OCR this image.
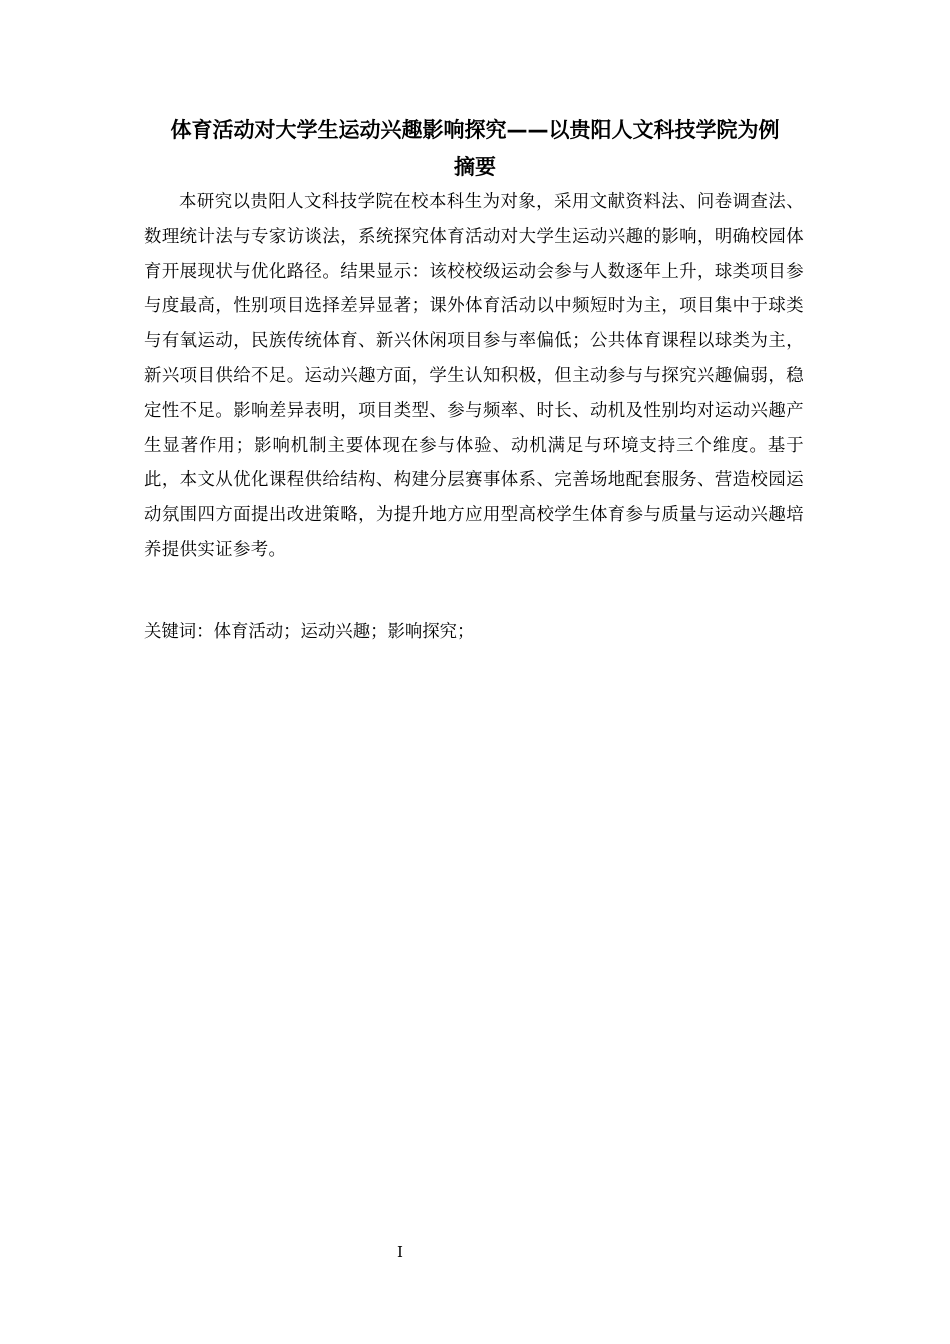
体育活动对大学生运动兴趣影响探究——以贵阳人文科技学院为例
摘要

本研究以贵阳人文科技学院在校本科生为对象，采用文献资料法、问卷调查法、数理统计法与专家访谈法，系统探究体育活动对大学生运动兴趣的影响，明确校园体育开展现状与优化路径。结果显示：该校校级运动会参与人数逐年上升，球类项目参与度最高，性别项目选择差异显著；课外体育活动以中频短时为主，项目集中于球类与有氧运动，民族传统体育、新兴休闲项目参与率偏低；公共体育课程以球类为主，新兴项目供给不足。运动兴趣方面，学生认知积极，但主动参与与探究兴趣偏弱，稳定性不足。影响差异表明，项目类型、参与频率、时长、动机及性别均对运动兴趣产生显著作用；影响机制主要体现在参与体验、动机满足与环境支持三个维度。基于此，本文从优化课程供给结构、构建分层赛事体系、完善场地配套服务、营造校园运动氛围四方面提出改进策略，为提升地方应用型高校学生体育参与质量与运动兴趣培养提供实证参考。

关键词：体育活动；运动兴趣；影响探究；
I
